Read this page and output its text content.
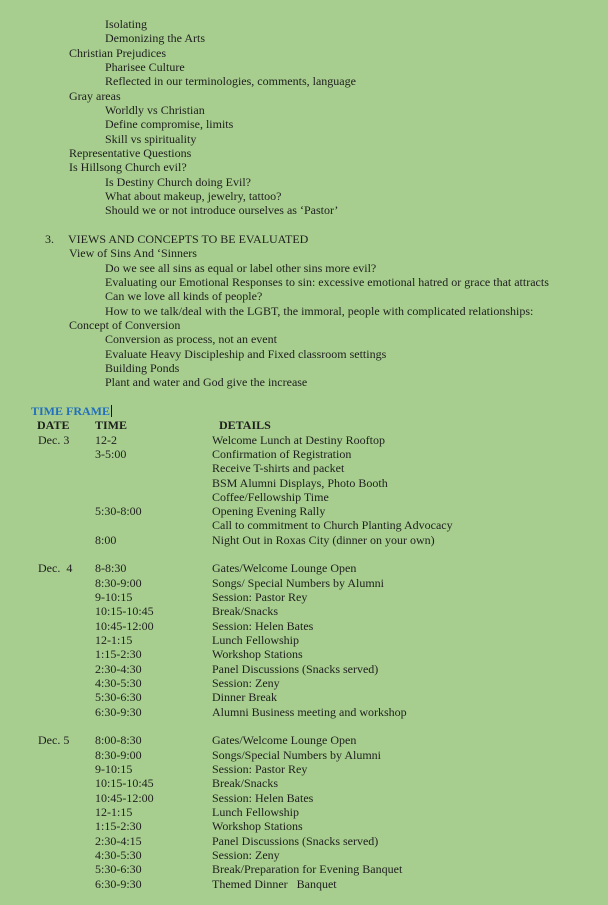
Isolating
Demonizing the Arts
Christian Prejudices
Pharisee Culture
Reflected in our terminologies, comments, language
Gray areas
Worldly vs Christian
Define compromise, limits
Skill vs spirituality
Representative Questions
Is Hillsong Church evil?
Is Destiny Church doing Evil?
What about makeup, jewelry, tattoo?
Should we or not introduce ourselves as ‘Pastor’
3. VIEWS AND CONCEPTS TO BE EVALUATED
View of Sins And ‘Sinners
Do we see all sins as equal or label other sins more evil?
Evaluating our Emotional Responses to sin: excessive emotional hatred or grace that attracts
Can we love all kinds of people?
How to we talk/deal with the LGBT, the immoral, people with complicated relationships:
Concept of Conversion
Conversion as process, not an event
Evaluate Heavy Discipleship and Fixed classroom settings
Building Ponds
Plant and water and God give the increase
TIME FRAME
DATE TIME	DETAILS
Dec. 3	12-2	Welcome Lunch at Destiny Rooftop
3-5:00	Confirmation of Registration
Receive T-shirts and packet
BSM Alumni Displays, Photo Booth
Coffee/Fellowship Time
5:30-8:00	Opening Evening Rally
Call to commitment to Church Planting Advocacy
8:00	Night Out in Roxas City (dinner on your own)
Dec.  4	8-8:30	Gates/Welcome Lounge Open
8:30-9:00	Songs/ Special Numbers by Alumni
9-10:15	Session: Pastor Rey
10:15-10:45	Break/Snacks
10:45-12:00	Session: Helen Bates
12-1:15	Lunch Fellowship
1:15-2:30	Workshop Stations
2:30-4:30	Panel Discussions (Snacks served)
4:30-5:30	Session: Zeny
5:30-6:30	Dinner Break
6:30-9:30	Alumni Business meeting and workshop
Dec. 5	8:00-8:30	Gates/Welcome Lounge Open
8:30-9:00	Songs/Special Numbers by Alumni
9-10:15	Session: Pastor Rey
10:15-10:45	Break/Snacks
10:45-12:00	Session: Helen Bates
12-1:15	Lunch Fellowship
1:15-2:30	Workshop Stations
2:30-4:15	Panel Discussions (Snacks served)
4:30-5:30	Session: Zeny
5:30-6:30	Break/Preparation for Evening Banquet
6:30-9:30	Themed Dinner   Banquet
